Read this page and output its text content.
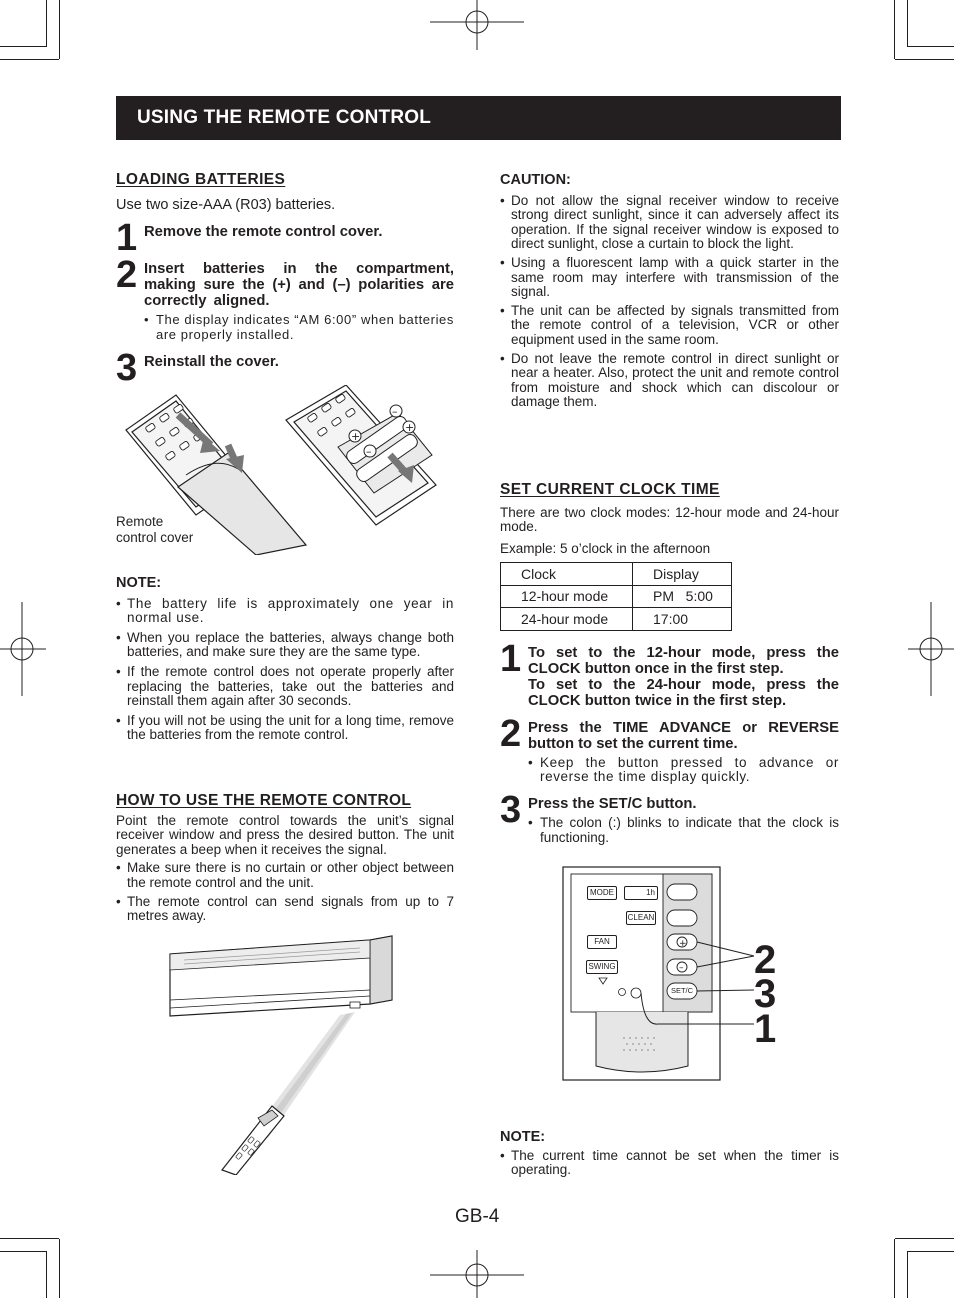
USING THE REMOTE CONTROL
LOADING BATTERIES
Use two size-AAA (R03) batteries.
1 Remove the remote control cover.
2 Insert batteries in the compartment, making sure the (+) and (–) polarities are correctly aligned.
• The display indicates “AM 6:00” when batteries are properly installed.
3 Reinstall the cover.
+
+
–
–
Remote control cover
NOTE:
• The battery life is approximately one year in normal use.
• When you replace the batteries, always change both batteries, and make sure they are the same type.
• If the remote control does not operate properly after replacing the batteries, take out the batteries and reinstall them again after 30 seconds.
• If you will not be using the unit for a long time, remove the batteries from the remote control.
HOW TO USE THE REMOTE CONTROL
Point the remote control towards the unit’s signal receiver window and press the desired button. The unit generates a beep when it receives the signal.
• Make sure there is no curtain or other object between the remote control and the unit.
• The remote control can send signals from up to 7 metres away.
CAUTION:
• Do not allow the signal receiver window to receive strong direct sunlight, since it can adversely affect its operation. If the signal receiver window is exposed to direct sunlight, close a curtain to block the light.
• Using a fluorescent lamp with a quick starter in the same room may interfere with transmission of the signal.
• The unit can be affected by signals transmitted from the remote control of a television, VCR or other equipment used in the same room.
• Do not leave the remote control in direct sunlight or near a heater. Also, protect the unit and remote control from moisture and shock which can discolour or damage them.
SET CURRENT CLOCK TIME
There are two clock modes: 12-hour mode and 24-hour mode.
Example: 5 o’clock in the afternoon
Clock	Display
12-hour mode	PM   5:00
24-hour mode	17:00
1 To set to the 12-hour mode, press the CLOCK button once in the first step.
To set to the 24-hour mode, press the CLOCK button twice in the first step.
2 Press the TIME ADVANCE or REVERSE button to set the current time.
• Keep the button pressed to advance or reverse the time display quickly.
3 Press the SET/C button.
• The colon (:) blinks to indicate that the clock is functioning.
+
–
MODE	1h
CLEAN
FAN
SWING
SET/C
2
3
1
NOTE:
• The current time cannot be set when the timer is operating.
GB-4
